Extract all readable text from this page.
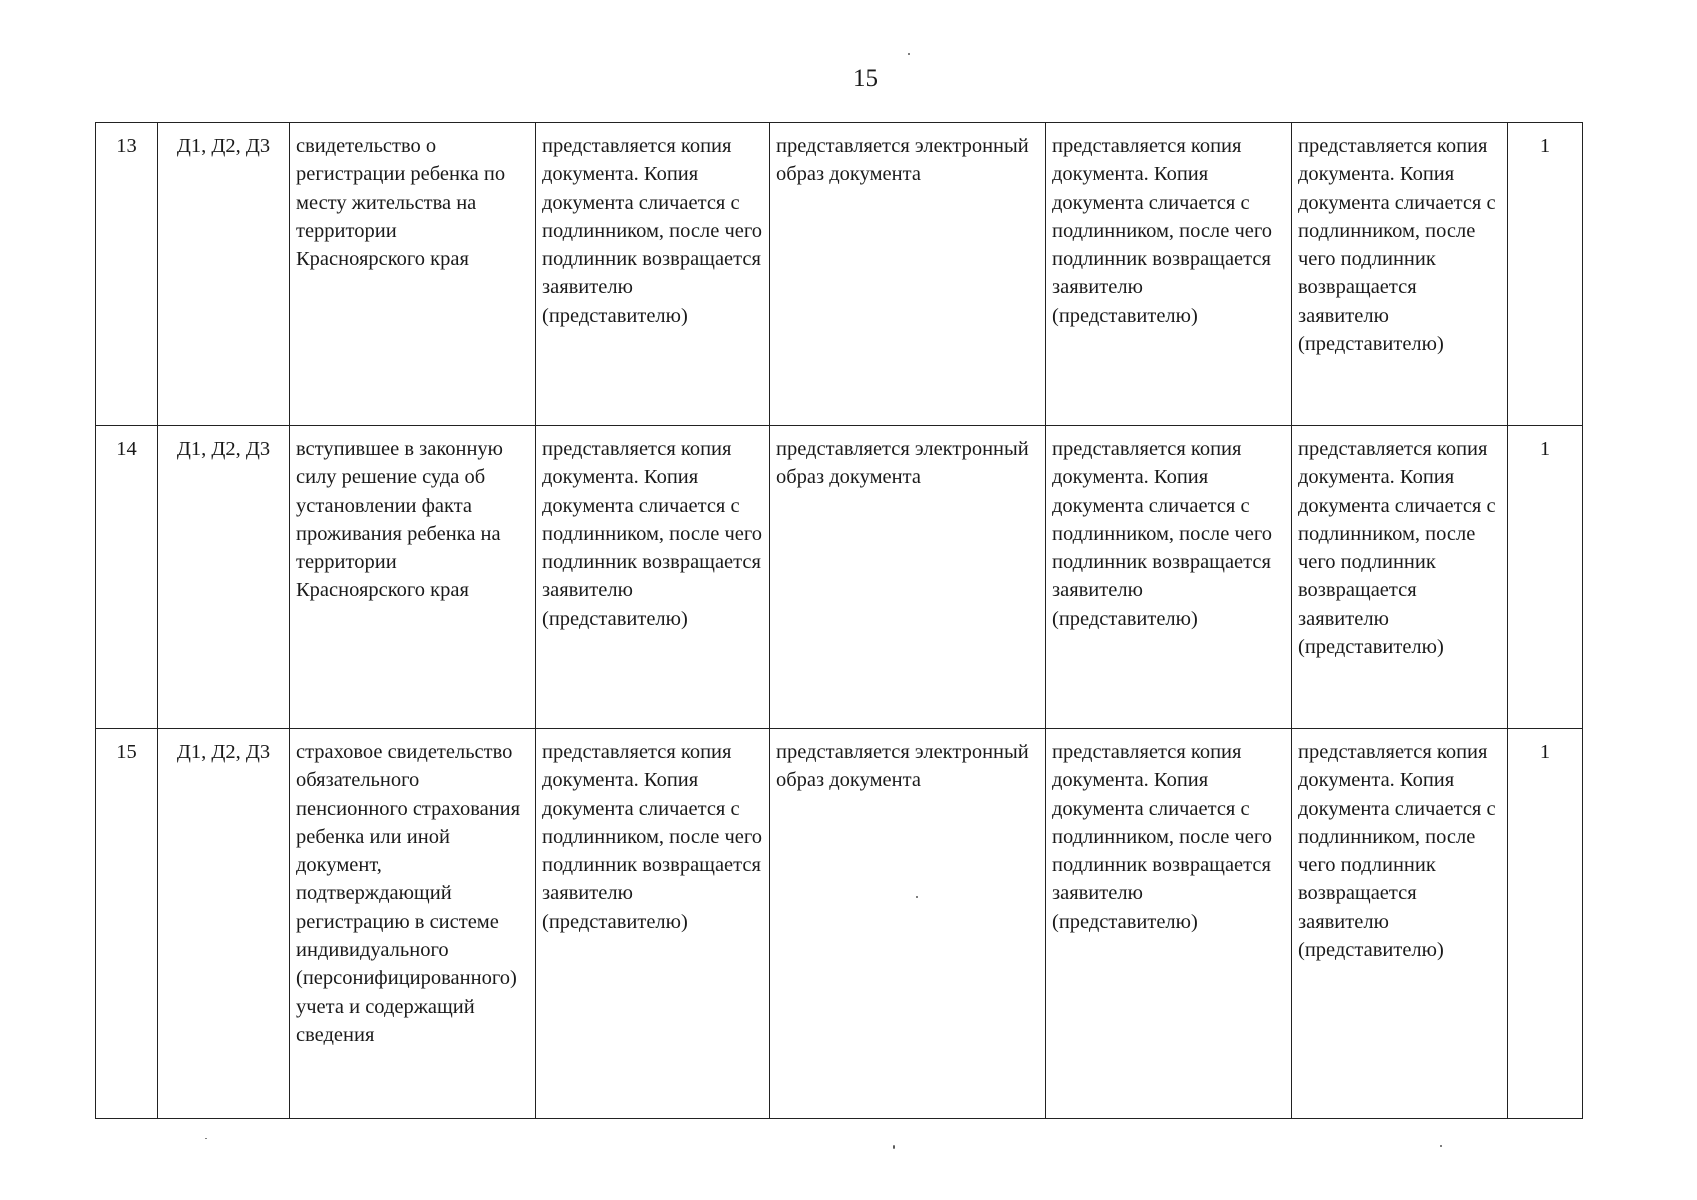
15
13	Д1, Д2, Д3	свидетельство о регистрации ребенка по месту жительства на территории Красноярского края	представляется копия документа. Копия документа сличается с подлинником, после чего подлинник возвращается заявителю (представителю)	представляется электронный образ документа	представляется копия документа. Копия документа сличается с подлинником, после чего подлинник возвращается заявителю (представителю)	представляется копия документа. Копия документа сличается с подлинником, после чего подлинник возвращается заявителю (представителю)	1
14	Д1, Д2, Д3	вступившее в законную силу решение суда об установлении факта проживания ребенка на территории Красноярского края	представляется копия документа. Копия документа сличается с подлинником, после чего подлинник возвращается заявителю (представителю)	представляется электронный образ документа	представляется копия документа. Копия документа сличается с подлинником, после чего подлинник возвращается заявителю (представителю)	представляется копия документа. Копия документа сличается с подлинником, после чего подлинник возвращается заявителю (представителю)	1
15	Д1, Д2, Д3	страховое свидетельство обязательного пенсионного страхования ребенка или иной документ, подтверждающий регистрацию в системе индивидуального (персонифицированного) учета и содержащий сведения	представляется копия документа. Копия документа сличается с подлинником, после чего подлинник возвращается заявителю (представителю)	представляется электронный образ документа	представляется копия документа. Копия документа сличается с подлинником, после чего подлинник возвращается заявителю (представителю)	представляется копия документа. Копия документа сличается с подлинником, после чего подлинник возвращается заявителю (представителю)	1
